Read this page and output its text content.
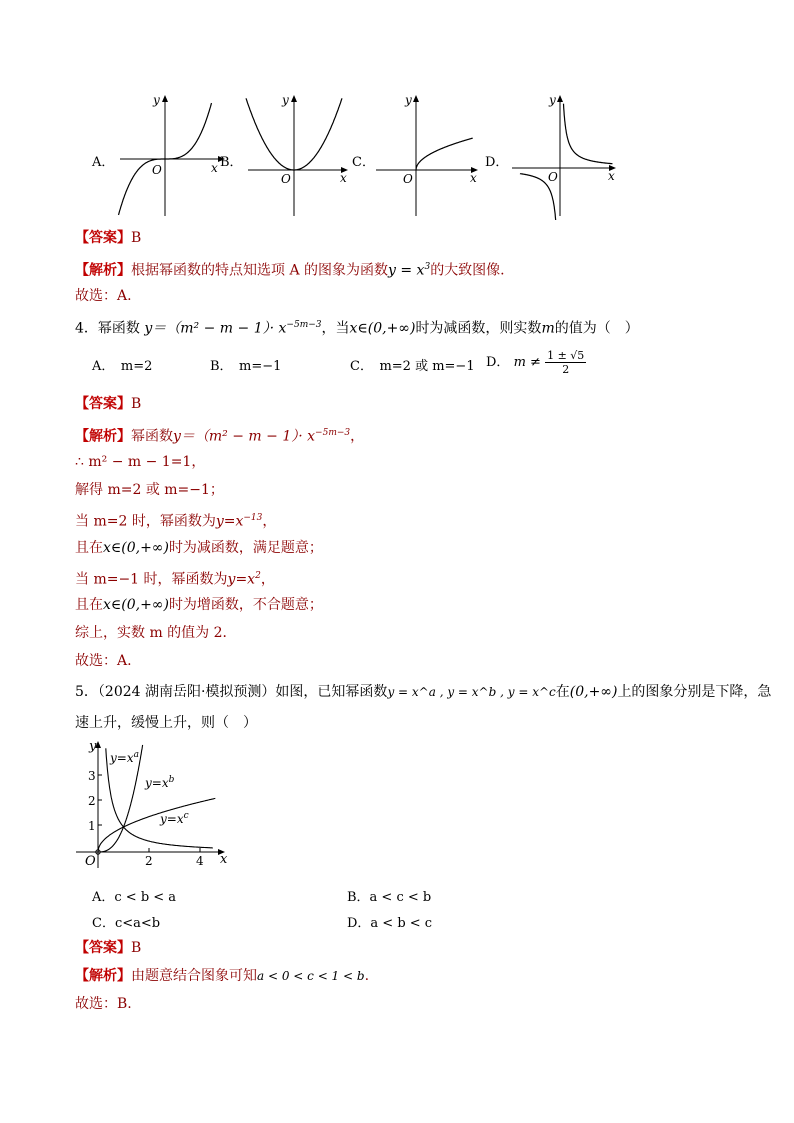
A．
y
x
O	B．
y
x
O
C．
y
x
O
D．
y
x
O
【答案】B
【解析】根据幂函数的特点知选项 A 的图象为函数$y = x^3$的大致图像.
故选：A.
4．幂函数 $y=(m^2 - m - 1)\cdot x^{-5m-3}$，当x∈(0,+∞)时为减函数，则实数m的值为（　）
A．　m=2	B．　m=−1	C．　m=2 或 m=−1 D． $m \ne \frac{1 \pm √5}{2}$
【答案】B
【解析】幂函数$y=(m^2 - m - 1)\cdot x^{-5m-3}$，
∴ m² − m − 1=1，
解得 m=2 或 m=−1；
当 m=2 时，幂函数为$y=x^{-13}$，
且在x∈(0,+∞)时为减函数，满足题意；
当 m=−1 时，幂函数为$y=x^2$，
且在x∈(0,+∞)时为增函数，不合题意；
综上，实数 m 的值为 2．
故选：A.
5．（2024 湖南岳阳·模拟预测）如图，已知幂函数y = x^a , y = x^b , y = x^c在(0,+∞)上的图象分别是下降，急
速上升，缓慢上升，则（　）
y
x
O
1
2
3
2	4
$y=x^a$
$y=x^b$
$y=x^c$
A．c < b < a	B．a < c < b
C．c<a<b	D．a < b < c
【答案】B
【解析】由题意结合图象可知a < 0 < c < 1 < b.
故选：B.
